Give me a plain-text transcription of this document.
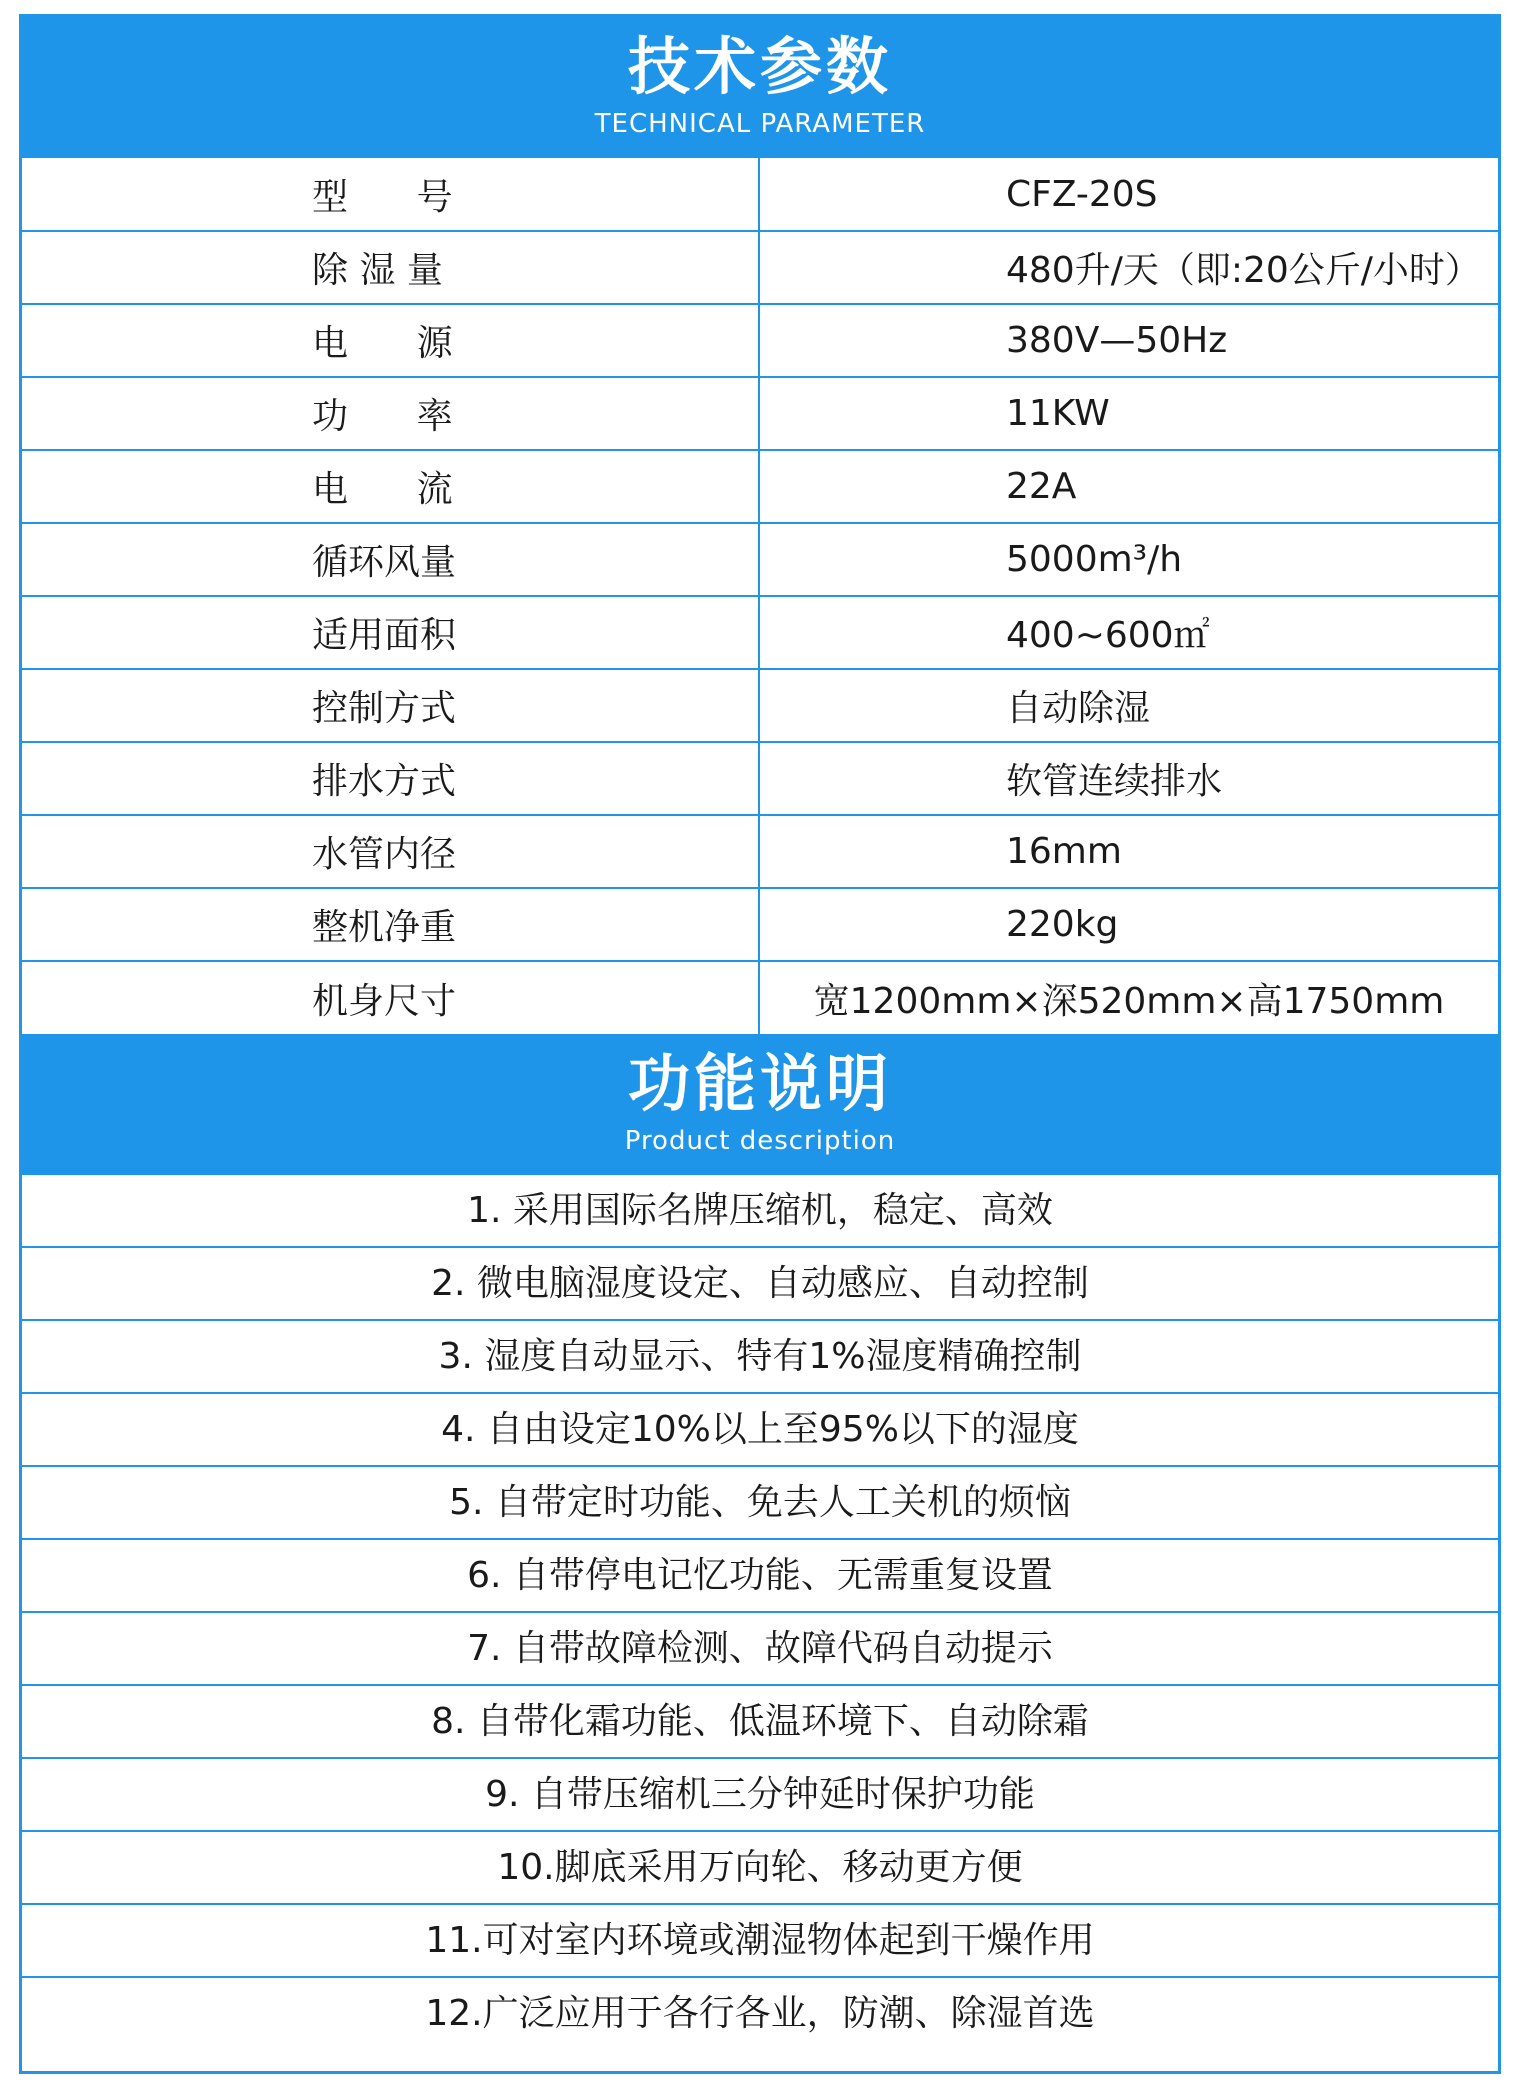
技术参数
TECHNICAL PARAMETER
型      号	CFZ-20S
除 湿 量	480升/天（即:20公斤/小时）
电      源	380V—50Hz
功      率	11KW
电      流	22A
循环风量	5000m³/h
适用面积	400~600㎡
控制方式	自动除湿
排水方式	软管连续排水
水管内径	16mm
整机净重	220kg
机身尺寸	宽1200mm×深520mm×高1750mm
功能说明
Product description
1. 采用国际名牌压缩机，稳定、高效
2. 微电脑湿度设定、自动感应、自动控制
3. 湿度自动显示、特有1%湿度精确控制
4. 自由设定10%以上至95%以下的湿度
5. 自带定时功能、免去人工关机的烦恼
6. 自带停电记忆功能、无需重复设置
7. 自带故障检测、故障代码自动提示
8. 自带化霜功能、低温环境下、自动除霜
9. 自带压缩机三分钟延时保护功能
10.脚底采用万向轮、移动更方便
11.可对室内环境或潮湿物体起到干燥作用
12.广泛应用于各行各业，防潮、除湿首选
